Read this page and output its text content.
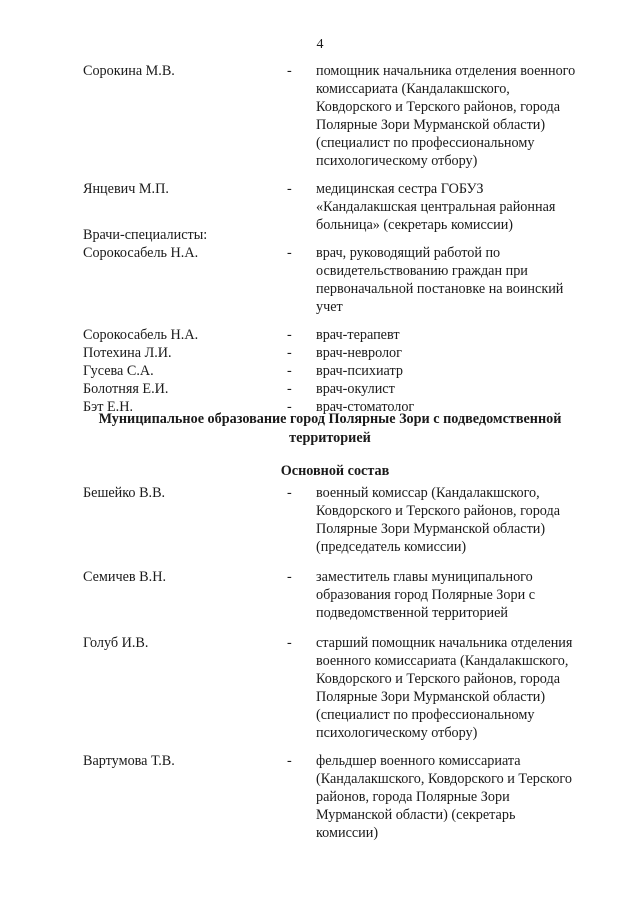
4
Сорокина М.В.	- помощник начальника отделения военного
комиссариата (Кандалакшского,
Ковдорского и Терского районов, города
Полярные Зори Мурманской области)
(специалист по профессиональному
психологическому отбору)
Янцевич М.П.	- медицинская сестра ГОБУЗ
«Кандалакшская центральная районная
больница» (секретарь комиссии)
Врачи-специалисты:
Сорокосабель Н.А.	- врач, руководящий работой по
освидетельствованию граждан при
первоначальной постановке на воинский
учет
Сорокосабель Н.А.	- врач-терапевт
Потехина Л.И.	- врач-невролог
Гусева С.А.	- врач-психиатр
Болотняя Е.И.	- врач-окулист
Бэт Е.Н.	- врач-стоматолог
Муниципальное образование город Полярные Зори с подведомственной территорией
Основной состав
Бешейко В.В.	- военный комиссар (Кандалакшского,
Ковдорского и Терского районов, города
Полярные Зори Мурманской области)
(председатель комиссии)
Семичев В.Н.	- заместитель главы муниципального
образования город Полярные Зори с
подведомственной территорией
Голуб И.В.	- старший помощник начальника отделения
военного комиссариата (Кандалакшского,
Ковдорского и Терского районов, города
Полярные Зори Мурманской области)
(специалист по профессиональному
психологическому отбору)
Вартумова Т.В.	- фельдшер военного комиссариата
(Кандалакшского, Ковдорского и Терского
районов, города Полярные Зори
Мурманской области) (секретарь
комиссии)
